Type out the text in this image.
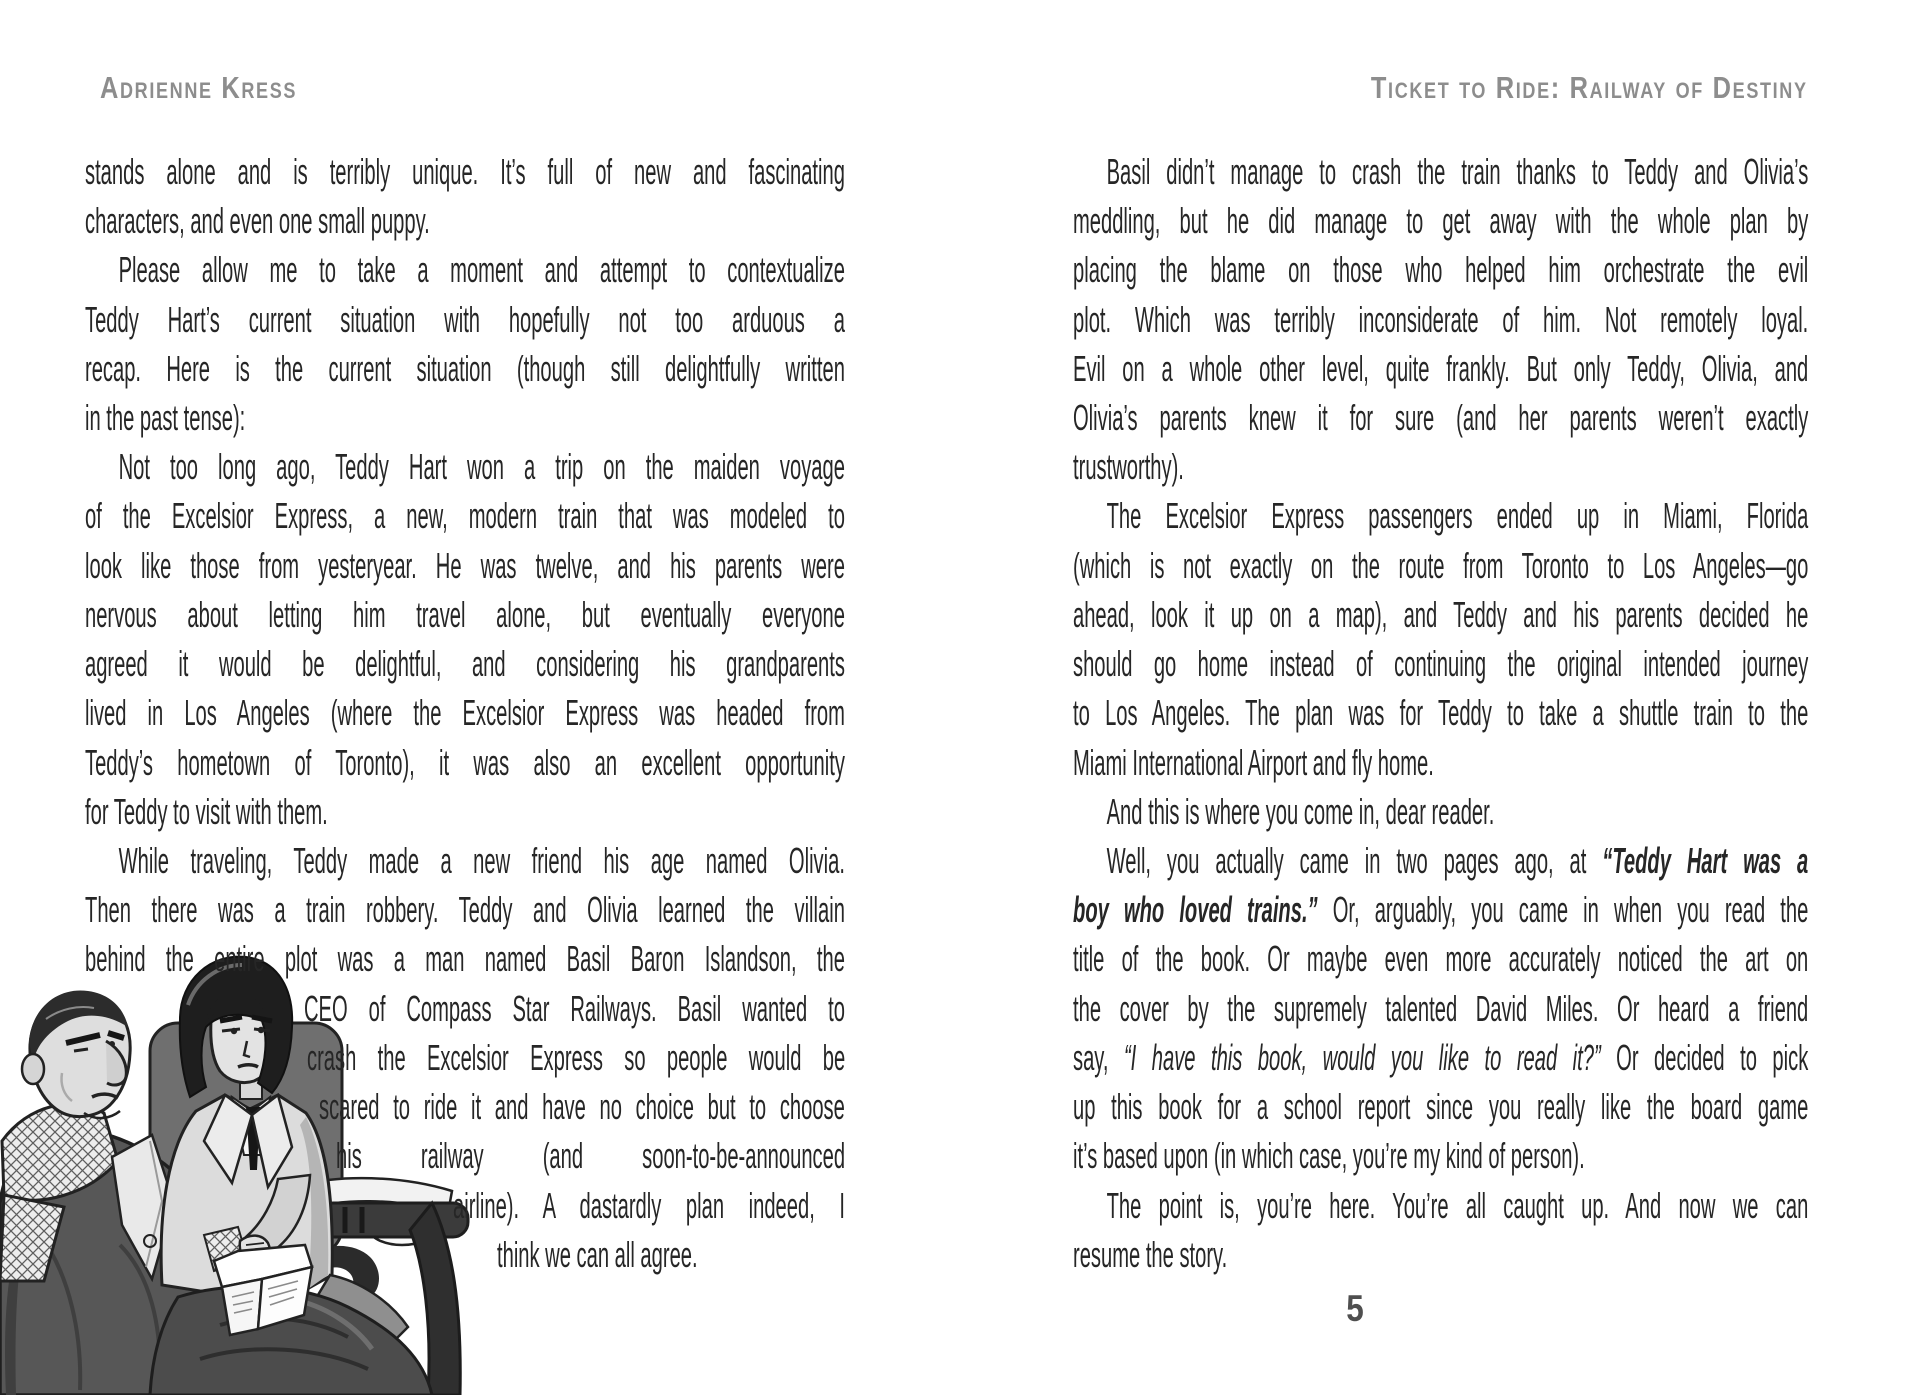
Adrienne Kress	Ticket to Ride: Railway of Destiny
stands alone and is terribly unique. It’s full of new and fascinating
characters, and even one small puppy.
Please allow me to take a moment and attempt to contextualize
Teddy Hart’s current situation with hopefully not too arduous a
recap. Here is the current situation (though still delightfully written
in the past tense):
Not too long ago, Teddy Hart won a trip on the maiden voyage
of the Excelsior Express, a new, modern train that was modeled to
look like those from yesteryear. He was twelve, and his parents were
nervous about letting him travel alone, but eventually everyone
agreed it would be delightful, and considering his grandparents
lived in Los Angeles (where the Excelsior Express was headed from
Teddy’s hometown of Toronto), it was also an excellent opportunity
for Teddy to visit with them.
While traveling, Teddy made a new friend his age named Olivia.
Then there was a train robbery. Teddy and Olivia learned the villain
behind the entire plot was a man named Basil Baron Islandson, the
CEO of Compass Star Railways. Basil wanted to
crash the Excelsior Express so people would be
scared to ride it and have no choice but to choose
his railway (and soon-to-be-announced
airline). A dastardly plan indeed, I
think we can all agree.
Basil didn’t manage to crash the train thanks to Teddy and Olivia’s
meddling, but he did manage to get away with the whole plan by
placing the blame on those who helped him orchestrate the evil
plot. Which was terribly inconsiderate of him. Not remotely loyal.
Evil on a whole other level, quite frankly. But only Teddy, Olivia, and
Olivia’s parents knew it for sure (and her parents weren’t exactly
trustworthy).
The Excelsior Express passengers ended up in Miami, Florida
(which is not exactly on the route from Toronto to Los Angeles—go
ahead, look it up on a map), and Teddy and his parents decided he
should go home instead of continuing the original intended journey
to Los Angeles. The plan was for Teddy to take a shuttle train to the
Miami International Airport and fly home.
And this is where you come in, dear reader.
Well, you actually came in two pages ago, at “Teddy Hart was a
boy who loved trains.” Or, arguably, you came in when you read the
title of the book. Or maybe even more accurately noticed the art on
the cover by the supremely talented David Miles. Or heard a friend
say, “I have this book, would you like to read it?” Or decided to pick
up this book for a school report since you really like the board game
it’s based upon (in which case, you’re my kind of person).
The point is, you’re here. You’re all caught up. And now we can
resume the story.
5
